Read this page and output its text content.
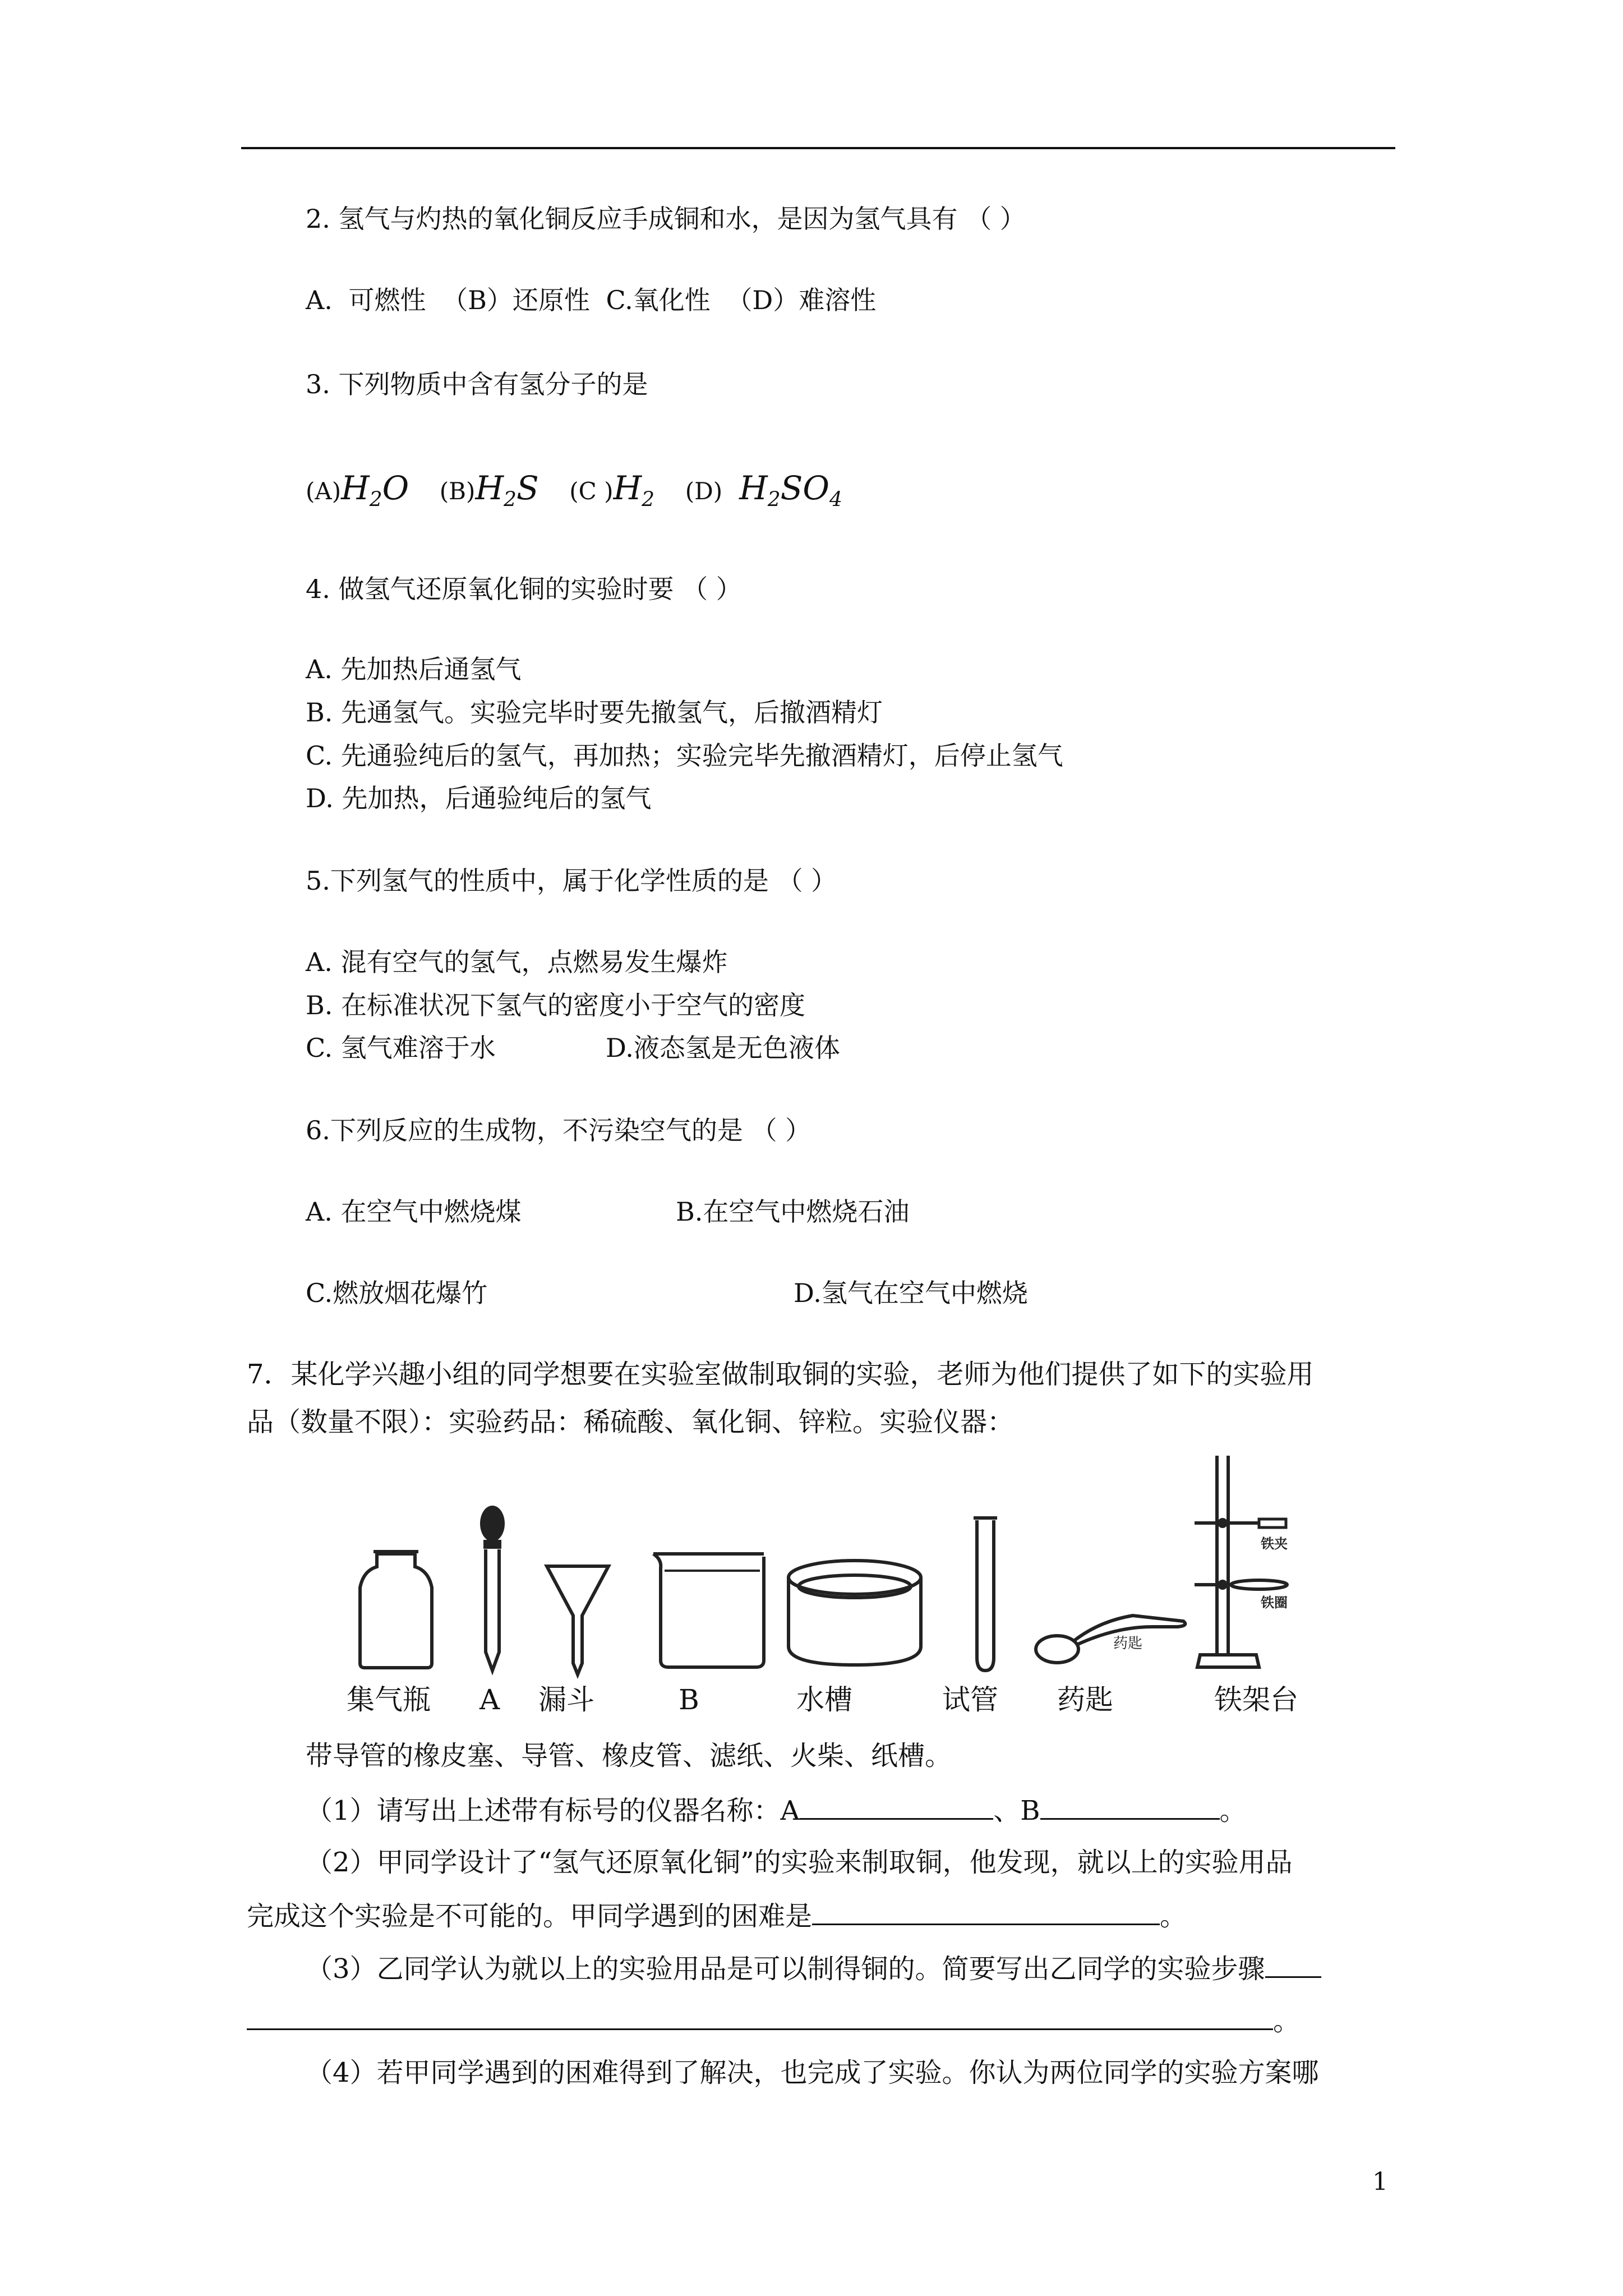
2. 氢气与灼热的氧化铜反应手成铜和水，是因为氢气具有 （ ）
A. 可燃性 （B）还原性 C.氧化性 （D）难溶性
3. 下列物质中含有氢分子的是
$(A)H_2O$ $(B)H_2S$ (C )$H_2$ (D) $H_2SO_4$
4. 做氢气还原氧化铜的实验时要 （ ）
A. 先加热后通氢气
B. 先通氢气。实验完毕时要先撤氢气，后撤酒精灯
C. 先通验纯后的氢气，再加热；实验完毕先撤酒精灯，后停止氢气
D. 先加热，后通验纯后的氢气
5.下列氢气的性质中，属于化学性质的是 （ ）
A. 混有空气的氢气，点燃易发生爆炸
B. 在标准状况下氢气的密度小于空气的密度
C. 氢气难溶于水	D.液态氢是无色液体
6.下列反应的生成物，不污染空气的是 （ ）
A. 在空气中燃烧煤	B.在空气中燃烧石油
C.燃放烟花爆竹	D.氢气在空气中燃烧
7．某化学兴趣小组的同学想要在实验室做制取铜的实验，老师为他们提供了如下的实验用
品（数量不限）：实验药品：稀硫酸、氧化铜、锌粒。实验仪器：
药匙
铁夹
铁圈
集气瓶 A 漏斗	B	水槽	试管 药匙	铁架台
带导管的橡皮塞、导管、橡皮管、滤纸、火柴、纸槽。
（1）请写出上述带有标号的仪器名称：A	、B	。
（2）甲同学设计了“氢气还原氧化铜”的实验来制取铜，他发现，就以上的实验用品
完成这个实验是不可能的。甲同学遇到的困难是	。
（3）乙同学认为就以上的实验用品是可以制得铜的。简要写出乙同学的实验步骤
。
（4）若甲同学遇到的困难得到了解决，也完成了实验。你认为两位同学的实验方案哪
1
